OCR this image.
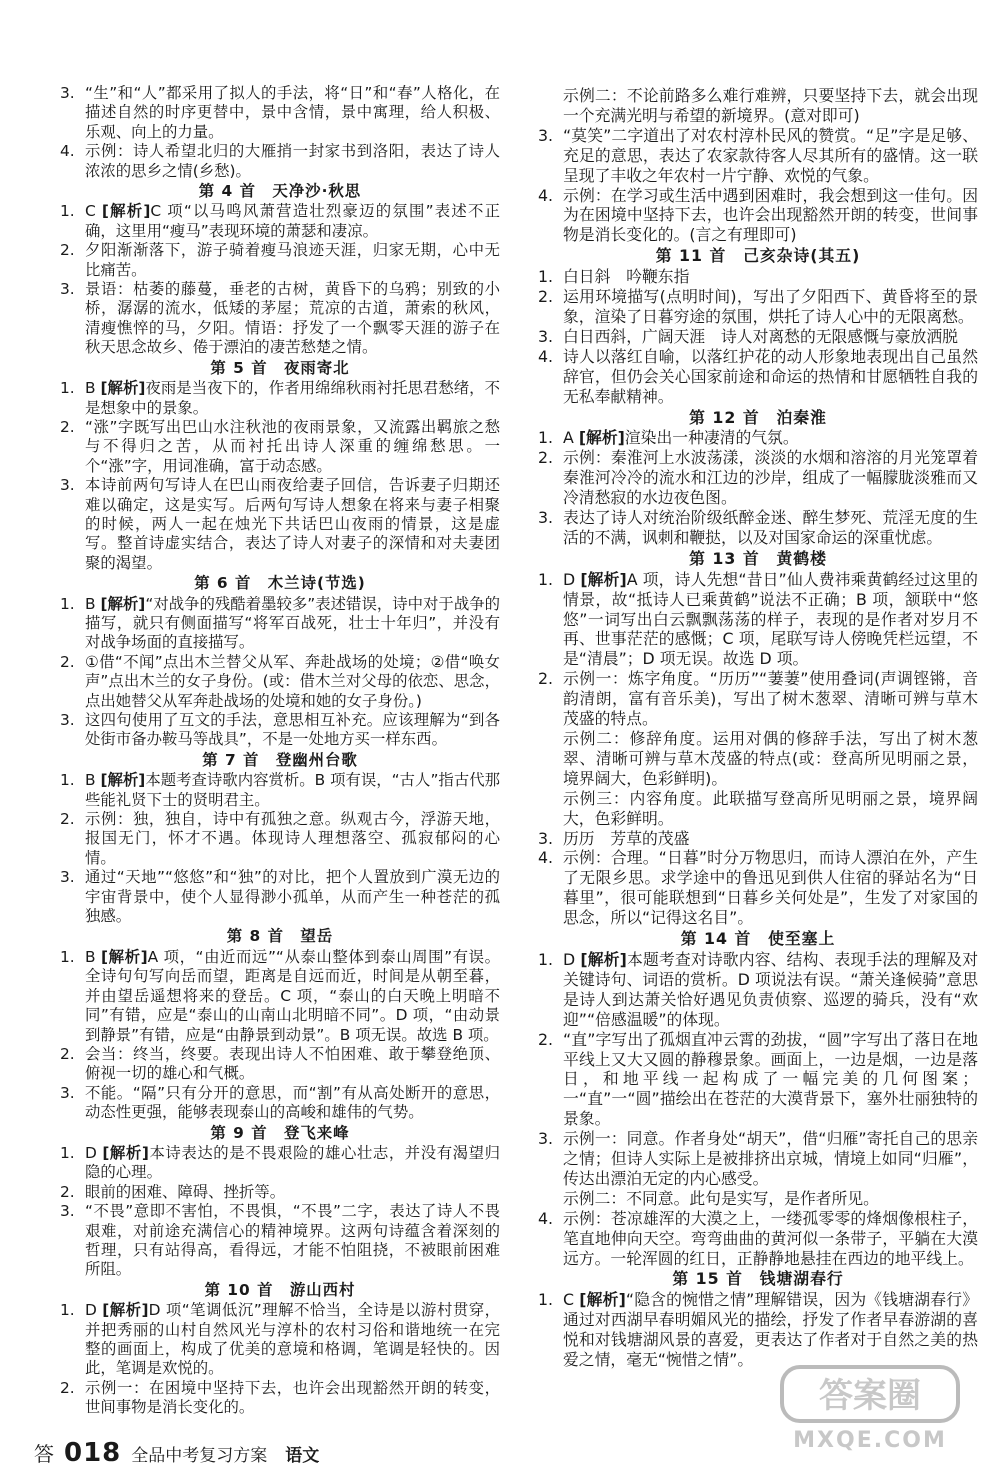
3. “生”和“人”都采用了拟人的手法，将“日”和“春”人格化，在描述自然的时序更替中，景中含情，景中寓理，给人积极、乐观、向上的力量。
4. 示例：诗人希望北归的大雁捎一封家书到洛阳，表达了诗人浓浓的思乡之情(乡愁)。
第 4 首　天净沙·秋思
1. C [解析]C 项“以马鸣风萧营造壮烈豪迈的氛围”表述不正确，这里用“瘦马”表现环境的萧瑟和凄凉。
2. 夕阳渐渐落下，游子骑着瘦马浪迹天涯，归家无期，心中无比痛苦。
3. 景语：枯萎的藤蔓，垂老的古树，黄昏下的乌鸦；别致的小桥，潺潺的流水，低矮的茅屋；荒凉的古道，萧索的秋风，清瘦憔悴的马，夕阳。情语：抒发了一个飘零天涯的游子在秋天思念故乡、倦于漂泊的凄苦愁楚之情。
第 5 首　夜雨寄北
1. B [解析]夜雨是当夜下的，作者用绵绵秋雨衬托思君愁绪，不是想象中的景象。
2. “涨”字既写出巴山水注秋池的夜雨景象，又流露出羁旅之愁与不得归之苦，从而衬托出诗人深重的缠绵愁思。一个“涨”字，用词准确，富于动态感。
3. 本诗前两句写诗人在巴山雨夜给妻子回信，告诉妻子归期还难以确定，这是实写。后两句写诗人想象在将来与妻子相聚的时候，两人一起在烛光下共话巴山夜雨的情景，这是虚写。整首诗虚实结合，表达了诗人对妻子的深情和对夫妻团聚的渴望。
第 6 首　木兰诗(节选)
1. B [解析]“对战争的残酷着墨较多”表述错误，诗中对于战争的描写，就只有侧面描写“将军百战死，壮士十年归”，并没有对战争场面的直接描写。
2. ①借“不闻”点出木兰替父从军、奔赴战场的处境；②借“唤女声”点出木兰的女子身份。(或：借木兰对父母的依恋、思念，点出她替父从军奔赴战场的处境和她的女子身份。)
3. 这四句使用了互文的手法，意思相互补充。应该理解为“到各处街市备办鞍马等战具”，不是一处地方买一样东西。
第 7 首　登幽州台歌
1. B [解析]本题考查诗歌内容赏析。B 项有误，“古人”指古代那些能礼贤下士的贤明君主。
2. 示例：独，独自，诗中有孤独之意。纵观古今，浮游天地，报国无门，怀才不遇。体现诗人理想落空、孤寂郁闷的心情。
3. 通过“天地”“悠悠”和“独”的对比，把个人置放到广漠无边的宇宙背景中，使个人显得渺小孤单，从而产生一种苍茫的孤独感。
第 8 首　望岳
1. B [解析]A 项，“由近而远”“从泰山整体到泰山周围”有误。全诗句句写向岳而望，距离是自远而近，时间是从朝至暮，并由望岳遥想将来的登岳。C 项，“泰山的白天晚上明暗不同”有错，应是“泰山的山南山北明暗不同”。D 项，“由动景到静景”有错，应是“由静景到动景”。B 项无误。故选 B 项。
2. 会当：终当，终要。表现出诗人不怕困难、敢于攀登绝顶、俯视一切的雄心和气概。
3. 不能。“隔”只有分开的意思，而“割”有从高处断开的意思，动态性更强，能够表现泰山的高峻和雄伟的气势。
第 9 首　登飞来峰
1. D [解析]本诗表达的是不畏艰险的雄心壮志，并没有渴望归隐的心理。
2. 眼前的困难、障碍、挫折等。
3. “不畏”意即不害怕，不畏惧，“不畏”二字，表达了诗人不畏艰难，对前途充满信心的精神境界。这两句诗蕴含着深刻的哲理，只有站得高，看得远，才能不怕阻挠，不被眼前困难所阻。
第 10 首　游山西村
1. D [解析]D 项“笔调低沉”理解不恰当，全诗是以游村贯穿，并把秀丽的山村自然风光与淳朴的农村习俗和谐地统一在完整的画面上，构成了优美的意境和格调，笔调是轻快的。因此，笔调是欢悦的。
2. 示例一：在困境中坚持下去，也许会出现豁然开朗的转变，世间事物是消长变化的。
示例二：不论前路多么难行难辨，只要坚持下去，就会出现一个充满光明与希望的新境界。(意对即可)
3. “莫笑”二字道出了对农村淳朴民风的赞赏。“足”字是足够、充足的意思，表达了农家款待客人尽其所有的盛情。这一联呈现了丰收之年农村一片宁静、欢悦的气象。
4. 示例：在学习或生活中遇到困难时，我会想到这一佳句。因为在困境中坚持下去，也许会出现豁然开朗的转变，世间事物是消长变化的。(言之有理即可)
第 11 首　己亥杂诗(其五)
1. 白日斜　吟鞭东指
2. 运用环境描写(点明时间)，写出了夕阳西下、黄昏将至的景象，渲染了日暮穷途的氛围，烘托了诗人心中的无限离愁。
3. 白日西斜，广阔天涯　诗人对离愁的无限感慨与豪放洒脱
4. 诗人以落红自喻，以落红护花的动人形象地表现出自己虽然辞官，但仍会关心国家前途和命运的热情和甘愿牺牲自我的无私奉献精神。
第 12 首　泊秦淮
1. A [解析]渲染出一种凄清的气氛。
2. 示例：秦淮河上水波荡漾，淡淡的水烟和溶溶的月光笼罩着秦淮河冷冷的流水和江边的沙岸，组成了一幅朦胧淡雅而又冷清愁寂的水边夜色图。
3. 表达了诗人对统治阶级纸醉金迷、醉生梦死、荒淫无度的生活的不满，讽刺和鞭挞，以及对国家命运的深重忧虑。
第 13 首　黄鹤楼
1. D [解析]A 项，诗人先想“昔日”仙人费祎乘黄鹤经过这里的情景，故“抵诗人已乘黄鹤”说法不正确；B 项，颔联中“悠悠”一词写出白云飘飘荡荡的样子，表现的是作者对岁月不再、世事茫茫的感慨；C 项，尾联写诗人傍晚凭栏远望，不是“清晨”；D 项无误。故选 D 项。
2. 示例一：炼字角度。“历历”“萋萋”使用叠词(声调铿锵，音韵清朗，富有音乐美)，写出了树木葱翠、清晰可辨与草木茂盛的特点。
示例二：修辞角度。运用对偶的修辞手法，写出了树木葱翠、清晰可辨与草木茂盛的特点(或：登高所见明丽之景，境界阔大，色彩鲜明)。
示例三：内容角度。此联描写登高所见明丽之景，境界阔大，色彩鲜明。
3. 历历　芳草的茂盛
4. 示例：合理。“日暮”时分万物思归，而诗人漂泊在外，产生了无限乡思。求学途中的鲁迅见到供人住宿的驿站名为“日暮里”，很可能联想到“日暮乡关何处是”，生发了对家国的思念，所以“记得这名目”。
第 14 首　使至塞上
1. D [解析]本题考查对诗歌内容、结构、表现手法的理解及对关键诗句、词语的赏析。D 项说法有误。“萧关逢候骑”意思是诗人到达萧关恰好遇见负责侦察、巡逻的骑兵，没有“欢迎”“倍感温暖”的体现。
2. “直”字写出了孤烟直冲云霄的劲拔，“圆”字写出了落日在地平线上又大又圆的静穆景象。画面上，一边是烟，一边是落日，和地平线一起构成了一幅完美的几何图案；一“直”一“圆”描绘出在苍茫的大漠背景下，塞外壮丽独特的景象。
3. 示例一：同意。作者身处“胡天”，借“归雁”寄托自己的思亲之情；但诗人实际上是被排挤出京城，情境上如同“归雁”，传达出漂泊无定的内心感受。
示例二：不同意。此句是实写，是作者所见。
4. 示例：苍凉雄浑的大漠之上，一缕孤零零的烽烟像根柱子，笔直地伸向天空。弯弯曲曲的黄河似一条带子，平躺在大漠远方。一轮浑圆的红日，正静静地悬挂在西边的地平线上。
第 15 首　钱塘湖春行
1. C [解析]“隐含的惋惜之情”理解错误，因为《钱塘湖春行》通过对西湖早春明媚风光的描绘，抒发了作者早春游湖的喜悦和对钱塘湖风景的喜爱，更表达了作者对于自然之美的热爱之情，毫无“惋惜之情”。
答 018 全品中考复习方案 语文
答案圈
MXQE.COM
